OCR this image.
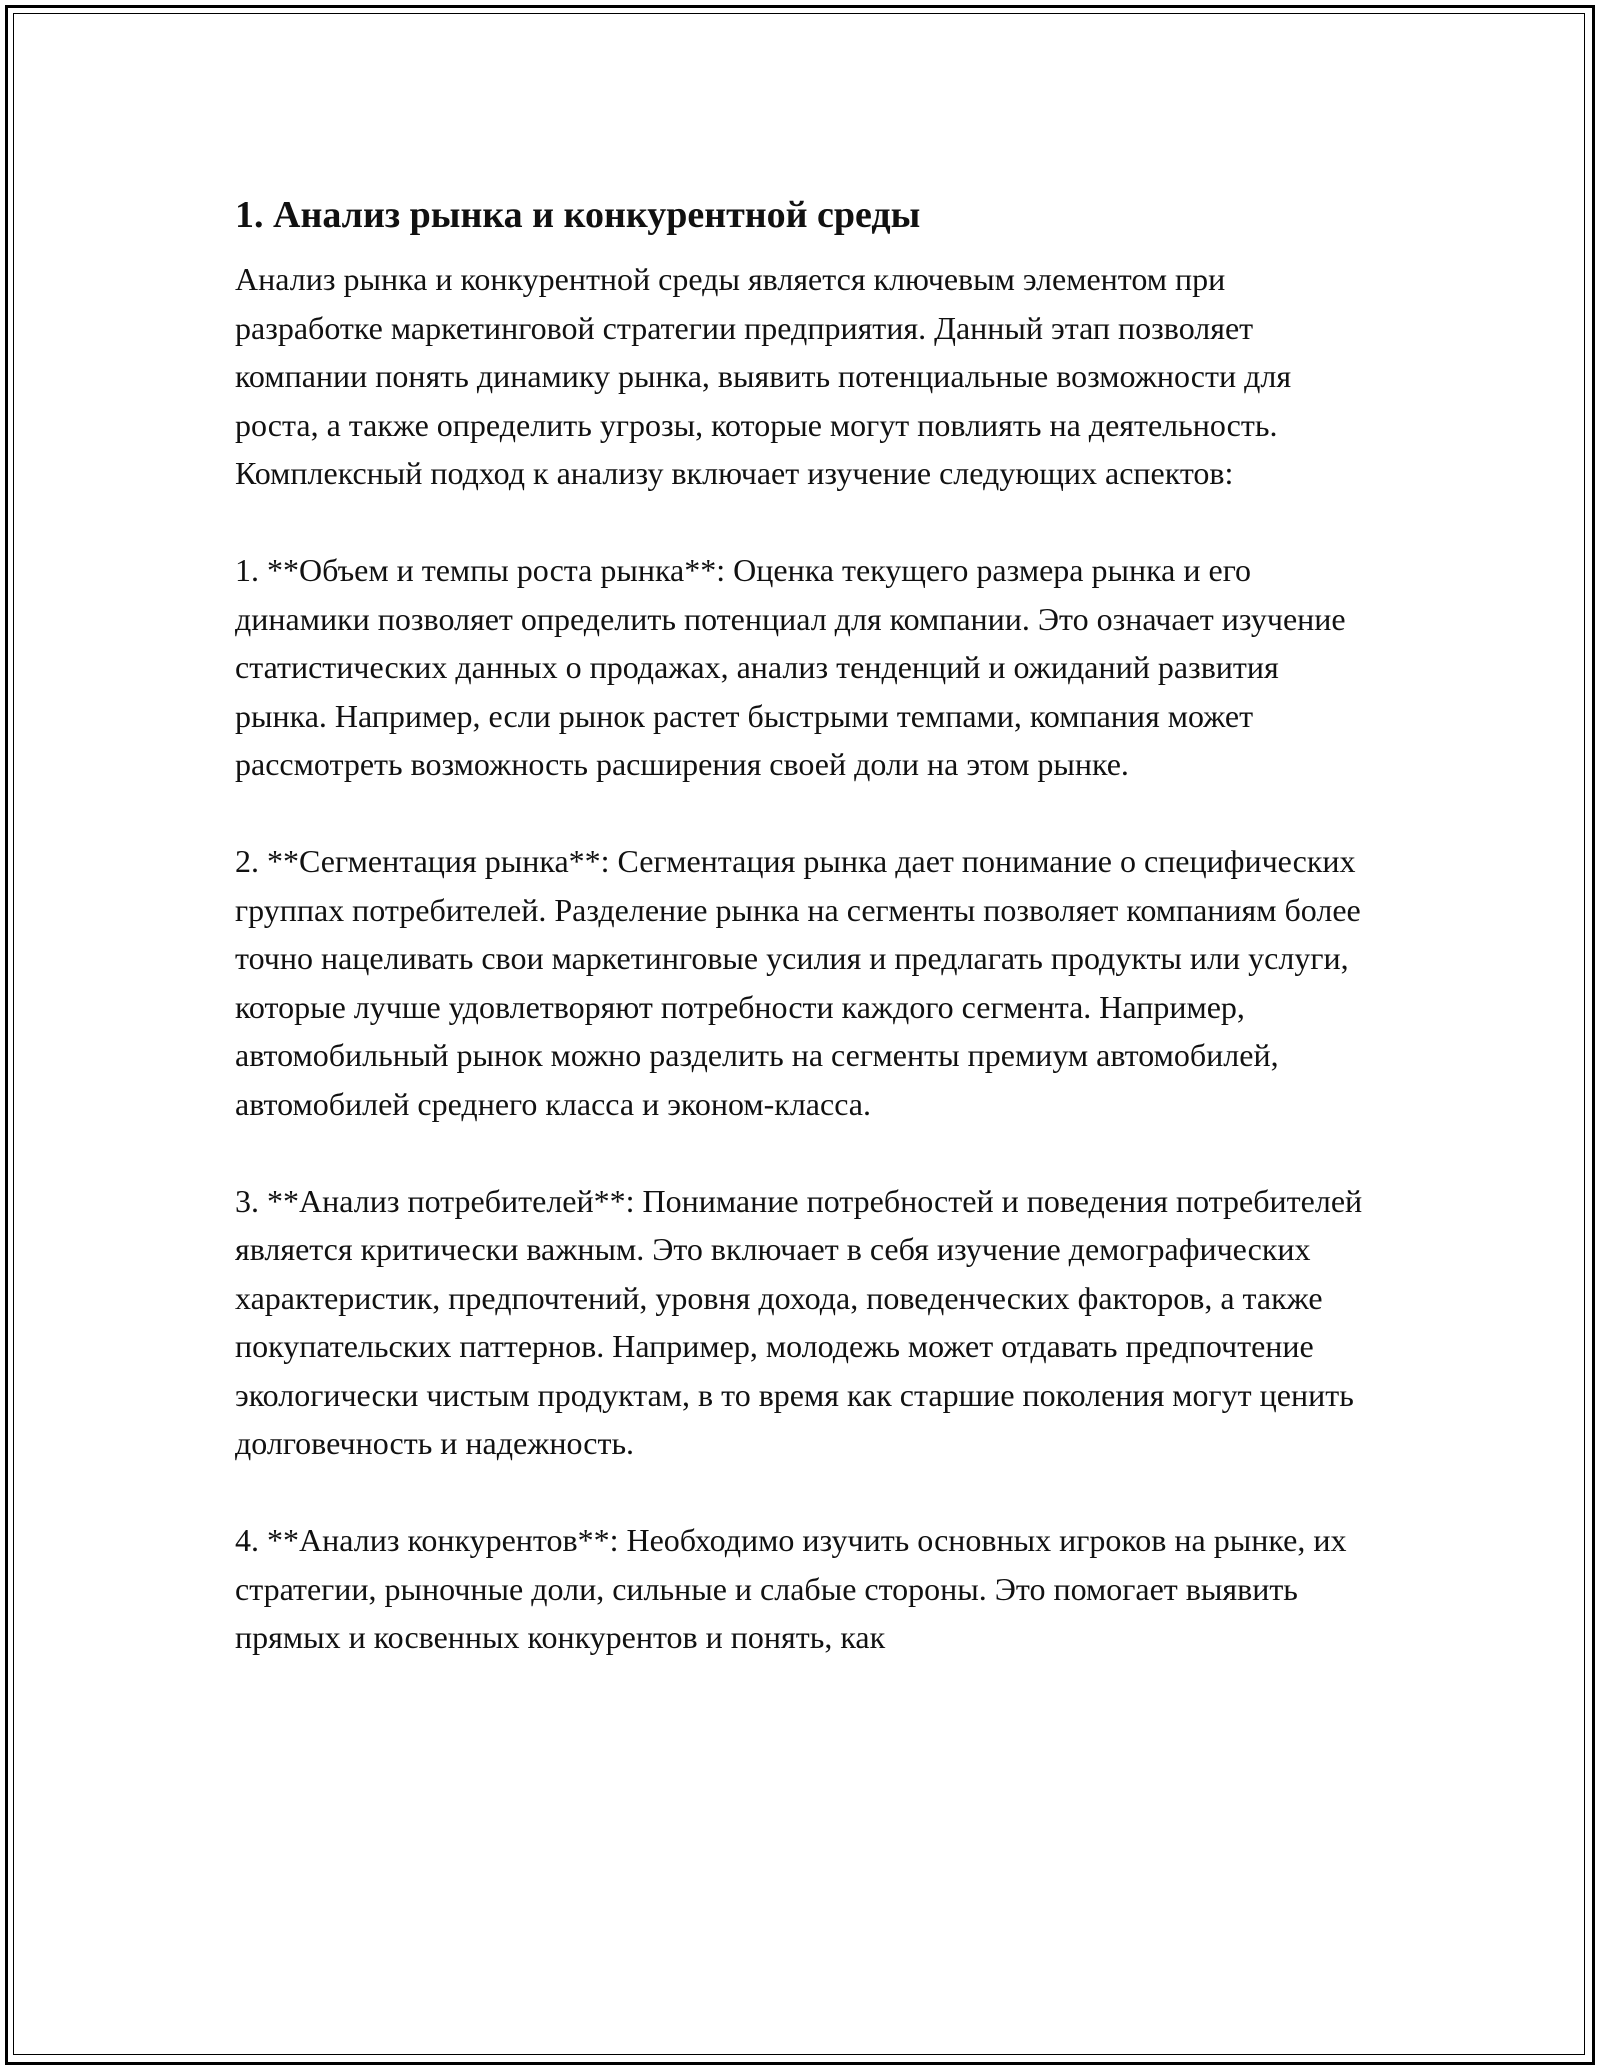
1. Анализ рынка и конкурентной среды

Анализ рынка и конкурентной среды является ключевым элементом при разработке маркетинговой стратегии предприятия. Данный этап позволяет компании понять динамику рынка, выявить потенциальные возможности для роста, а также определить угрозы, которые могут повлиять на деятельность. Комплексный подход к анализу включает изучение следующих аспектов:

1. **Объем и темпы роста рынка**: Оценка текущего размера рынка и его динамики позволяет определить потенциал для компании. Это означает изучение статистических данных о продажах, анализ тенденций и ожиданий развития рынка. Например, если рынок растет быстрыми темпами, компания может рассмотреть возможность расширения своей доли на этом рынке.

2. **Сегментация рынка**: Сегментация рынка дает понимание о специфических группах потребителей. Разделение рынка на сегменты позволяет компаниям более точно нацеливать свои маркетинговые усилия и предлагать продукты или услуги, которые лучше удовлетворяют потребности каждого сегмента. Например, автомобильный рынок можно разделить на сегменты премиум автомобилей, автомобилей среднего класса и эконом-класса.

3. **Анализ потребителей**: Понимание потребностей и поведения потребителей является критически важным. Это включает в себя изучение демографических характеристик, предпочтений, уровня дохода, поведенческих факторов, а также покупательских паттернов. Например, молодежь может отдавать предпочтение экологически чистым продуктам, в то время как старшие поколения могут ценить долговечность и надежность.

4. **Анализ конкурентов**: Необходимо изучить основных игроков на рынке, их стратегии, рыночные доли, сильные и слабые стороны. Это помогает выявить прямых и косвенных конкурентов и понять, как
